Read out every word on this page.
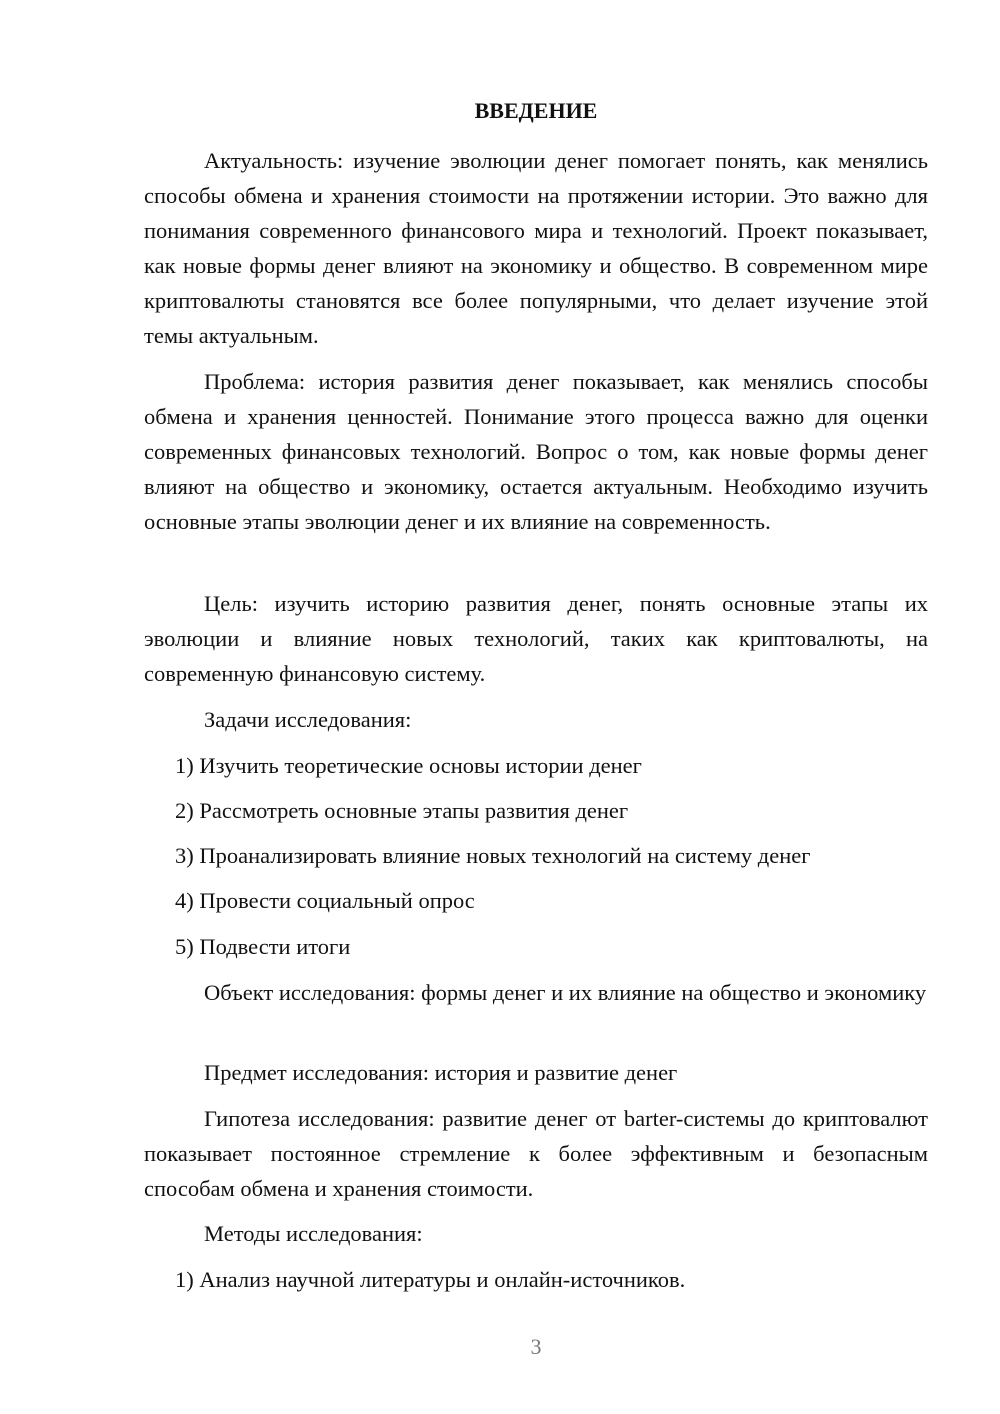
ВВЕДЕНИЕ

Актуальность: изучение эволюции денег помогает понять, как менялись способы обмена и хранения стоимости на протяжении истории. Это важно для понимания современного финансового мира и технологий. Проект показывает, как новые формы денег влияют на экономику и общество. В современном мире криптовалюты становятся все более популярными, что делает изучение этой темы актуальным.

Проблема: история развития денег показывает, как менялись способы обмена и хранения ценностей. Понимание этого процесса важно для оценки современных финансовых технологий. Вопрос о том, как новые формы денег влияют на общество и экономику, остается актуальным. Необходимо изучить основные этапы эволюции денег и их влияние на современность.

Цель: изучить историю развития денег, понять основные этапы их эволюции и влияние новых технологий, таких как криптовалюты, на современную финансовую систему.

Задачи исследования:

1) Изучить теоретические основы истории денег

2) Рассмотреть основные этапы развития денег

3) Проанализировать влияние новых технологий на систему денег

4) Провести социальный опрос

5) Подвести итоги

Объект исследования: формы денег и их влияние на общество и экономику

Предмет исследования: история и развитие денег

Гипотеза исследования: развитие денег от barter-системы до криптовалют показывает постоянное стремление к более эффективным и безопасным способам обмена и хранения стоимости.

Методы исследования:

1) Анализ научной литературы и онлайн-источников.

3
